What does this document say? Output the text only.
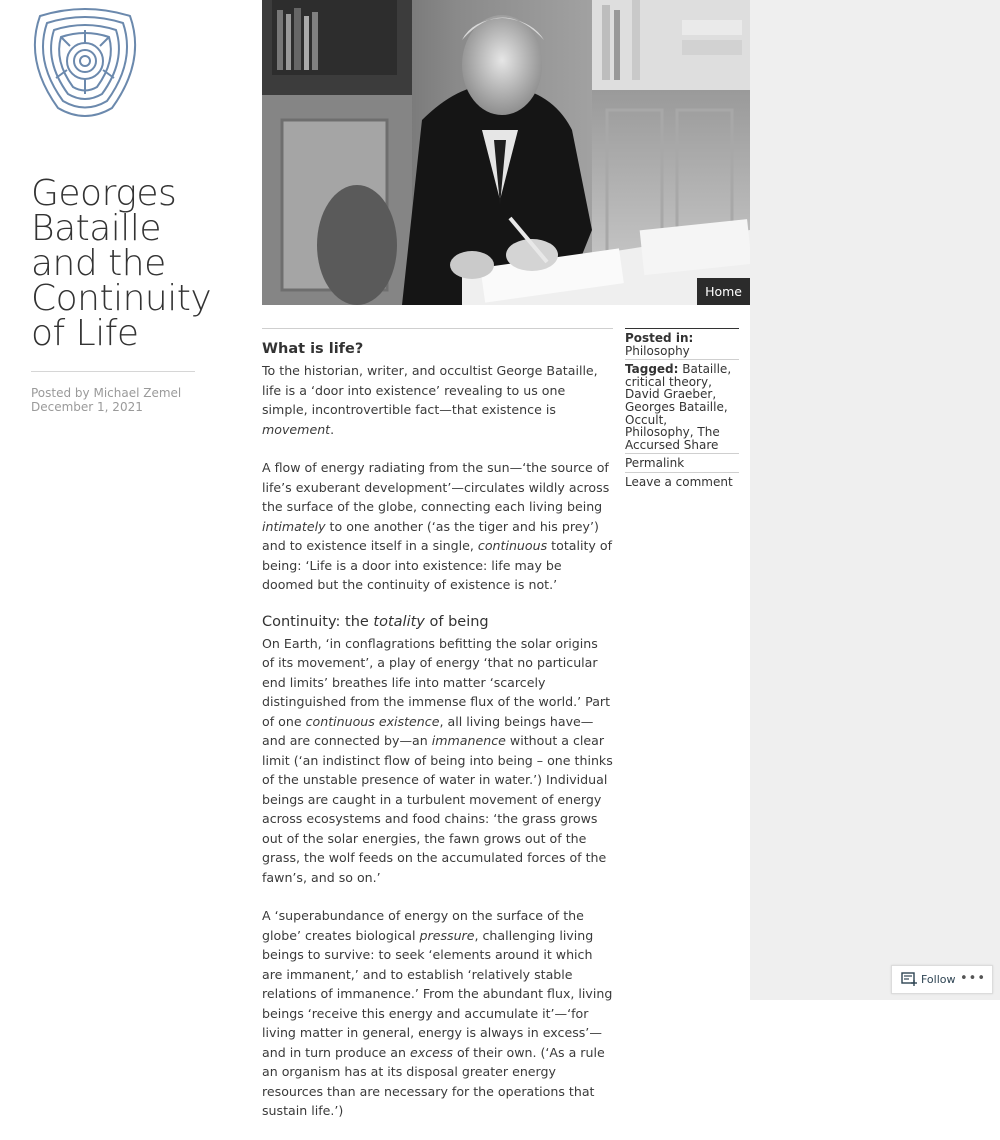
Georges Bataille and the Continuity of Life
Posted by Michael Zemel
December 1, 2021
Home
What is life?

To the historian, writer, and occultist George Bataille, life is a ‘door into existence’ revealing to us one simple, incontrovertible fact—that existence is movement.

A flow of energy radiating from the sun—‘the source of life’s exuberant development’—circulates wildly across the surface of the globe, connecting each living being intimately to one another (‘as the tiger and his prey’) and to existence itself in a single, continuous totality of being: ‘Life is a door into existence: life may be doomed but the continuity of existence is not.’

Continuity: the totality of being

On Earth, ‘in conflagrations befitting the solar origins of its movement’, a play of energy ‘that no particular end limits’ breathes life into matter ‘scarcely distinguished from the immense flux of the world.’ Part of one continuous existence, all living beings have—and are connected by—an immanence without a clear limit (‘an indistinct flow of being into being – one thinks of the unstable presence of water in water.’) Individual beings are caught in a turbulent movement of energy across ecosystems and food chains: ‘the grass grows out of the solar energies, the fawn grows out of the grass, the wolf feeds on the accumulated forces of the fawn’s, and so on.’

A ‘superabundance of energy on the surface of the globe’ creates biological pressure, challenging living beings to survive: to seek ‘elements around it which are immanent,’ and to establish ‘relatively stable relations of immanence.’ From the abundant flux, living beings ‘receive this energy and accumulate it’—‘for living matter in general, energy is always in excess’—and in turn produce an excess of their own. (‘As a rule an organism has at its disposal greater energy resources than are necessary for the operations that sustain life.’)

Posted in:
Philosophy
Tagged: Bataille, critical theory, David Graeber, Georges Bataille, Occult, Philosophy, The Accursed Share
Permalink
Leave a comment
Follow •••
